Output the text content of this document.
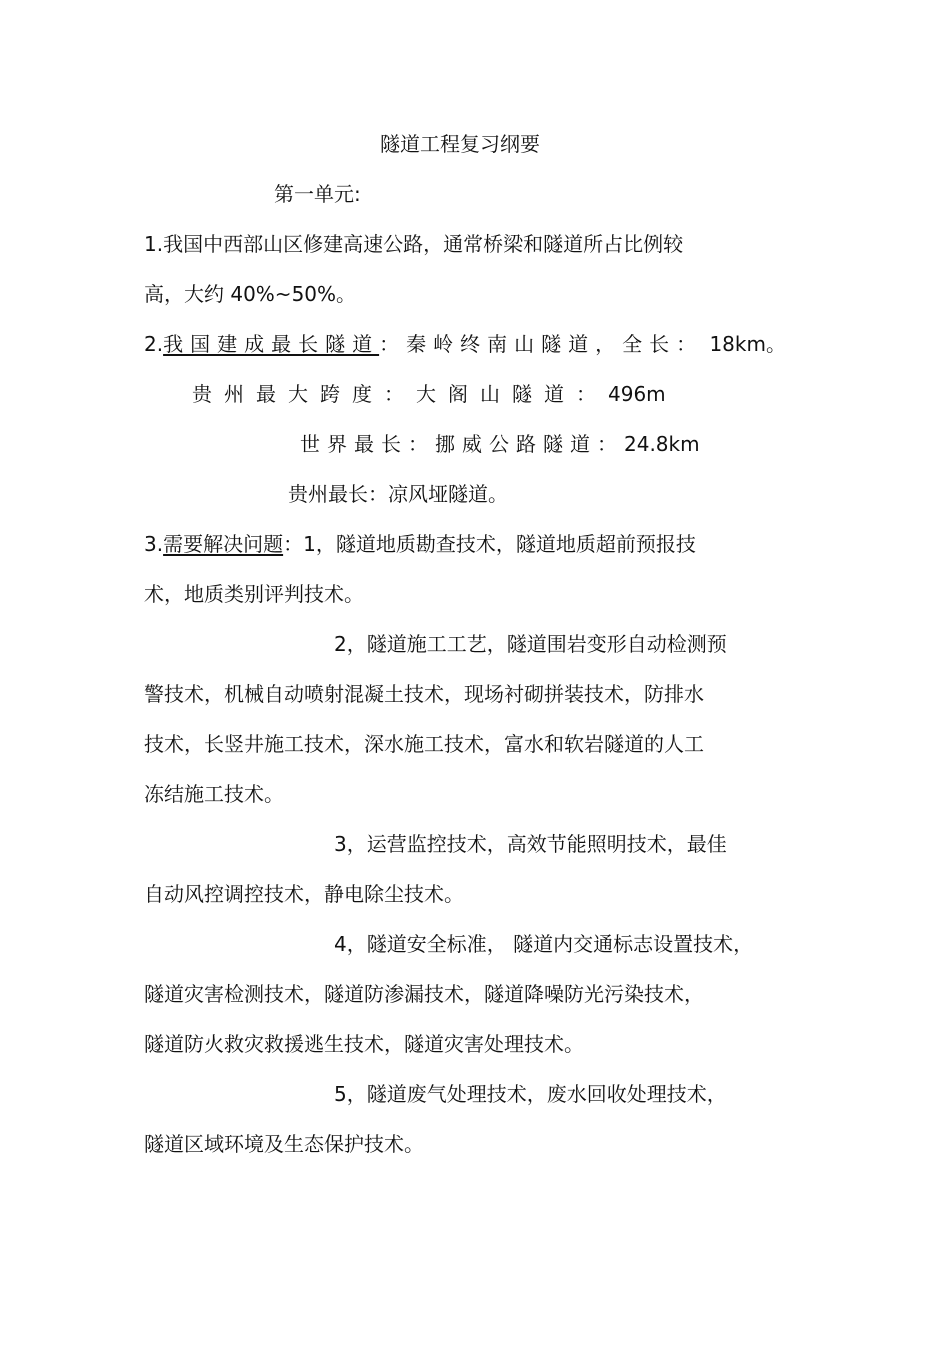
隧道工程复习纲要
第一单元:
1.我国中西部山区修建高速公路，通常桥梁和隧道所占比例较
高，大约 40%~50%。
2.我国建成最长隧道：秦岭终南山隧道，全长： 18km。
贵州最大跨度：大阁山隧道：496m
世界最长：挪威公路隧道：24.8km
贵州最长：凉风垭隧道。
3.需要解决问题：1，隧道地质勘查技术，隧道地质超前预报技
术，地质类别评判技术。
2，隧道施工工艺，隧道围岩变形自动检测预
警技术，机械自动喷射混凝土技术，现场衬砌拼装技术，防排水
技术，长竖井施工技术，深水施工技术，富水和软岩隧道的人工
冻结施工技术。
3，运营监控技术，高效节能照明技术，最佳
自动风控调控技术，静电除尘技术。
4，隧道安全标准， 隧道内交通标志设置技术，
隧道灾害检测技术，隧道防渗漏技术，隧道降噪防光污染技术，
隧道防火救灾救援逃生技术，隧道灾害处理技术。
5，隧道废气处理技术，废水回收处理技术，
隧道区域环境及生态保护技术。
